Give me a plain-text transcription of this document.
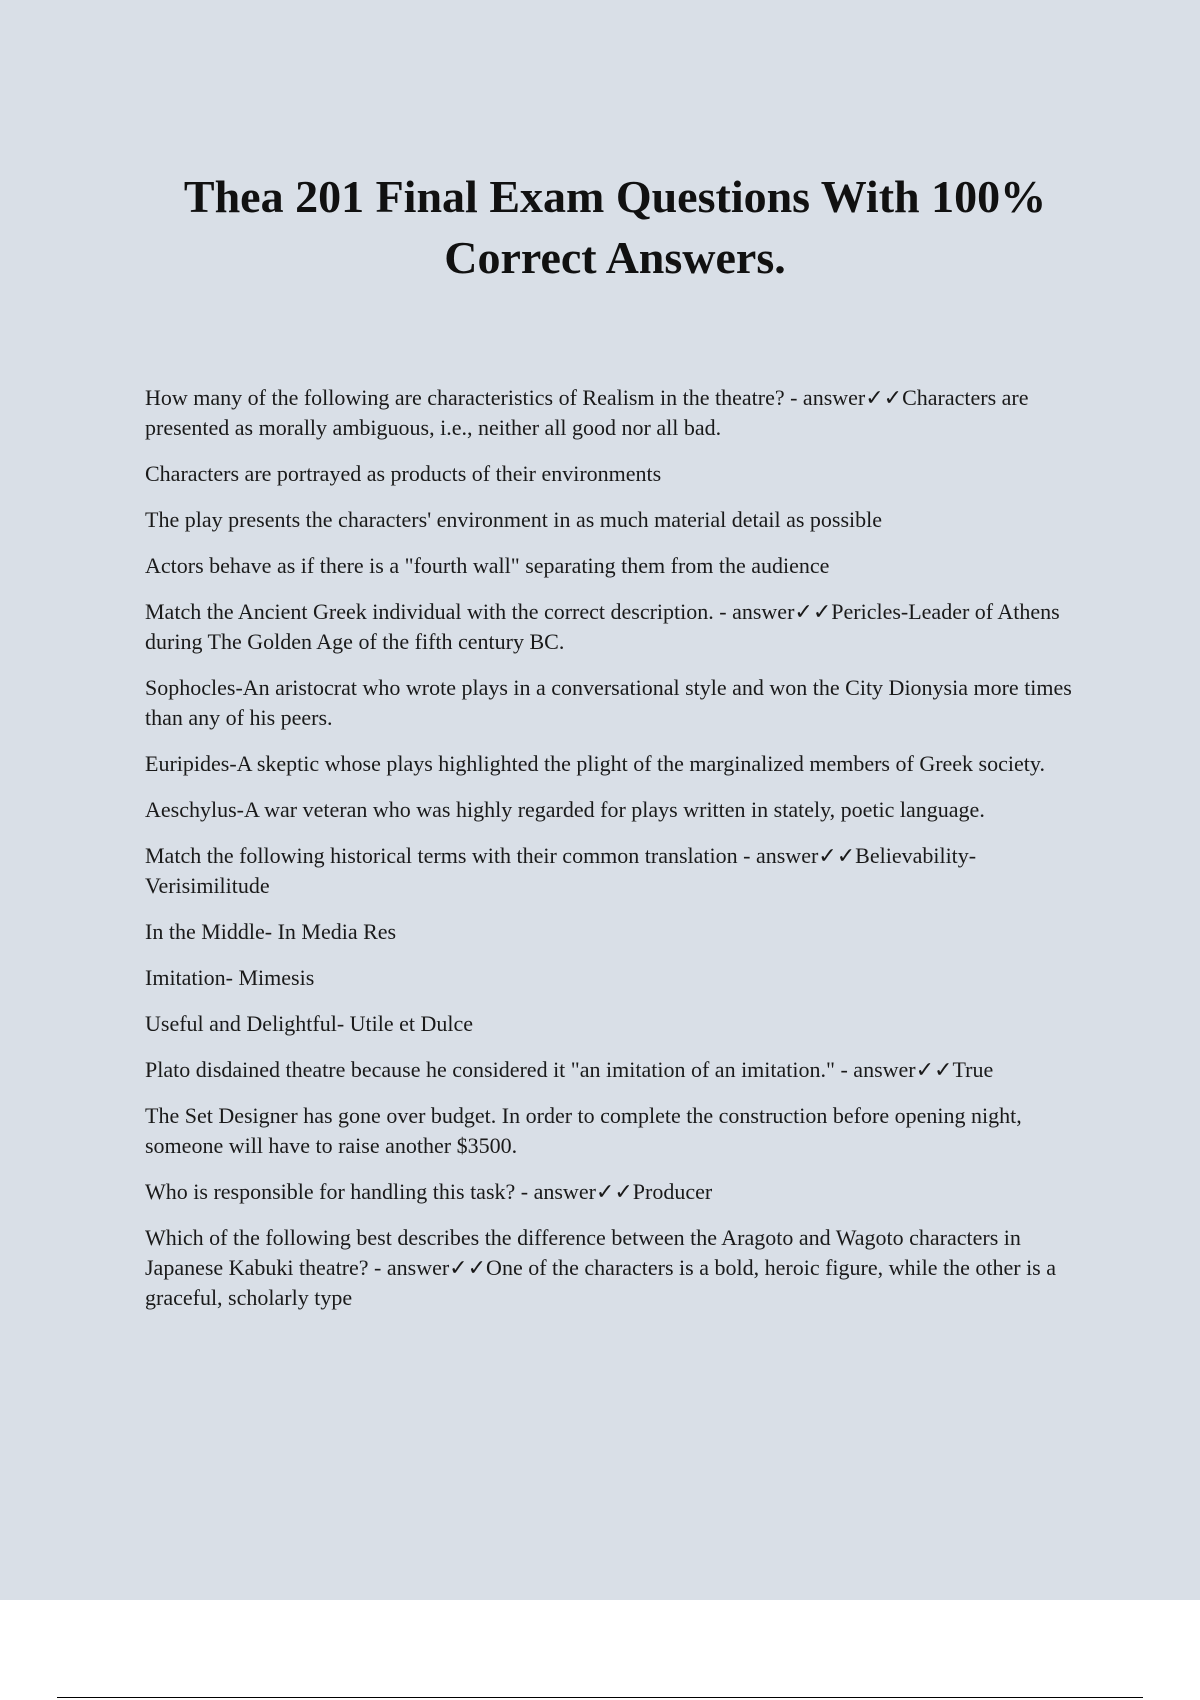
Thea 201 Final Exam Questions With 100% Correct Answers.

How many of the following are characteristics of Realism in the theatre? - answer✓✓Characters are presented as morally ambiguous, i.e., neither all good nor all bad.

Characters are portrayed as products of their environments

The play presents the characters' environment in as much material detail as possible

Actors behave as if there is a "fourth wall" separating them from the audience

Match the Ancient Greek individual with the correct description. - answer✓✓Pericles-Leader of Athens during The Golden Age of the fifth century BC.

Sophocles-An aristocrat who wrote plays in a conversational style and won the City Dionysia more times than any of his peers.

Euripides-A skeptic whose plays highlighted the plight of the marginalized members of Greek society.

Aeschylus-A war veteran who was highly regarded for plays written in stately, poetic language.

Match the following historical terms with their common translation - answer✓✓Believability-Verisimilitude

In the Middle- In Media Res

Imitation- Mimesis

Useful and Delightful- Utile et Dulce

Plato disdained theatre because he considered it "an imitation of an imitation." - answer✓✓True

The Set Designer has gone over budget. In order to complete the construction before opening night, someone will have to raise another $3500.

Who is responsible for handling this task? - answer✓✓Producer

Which of the following best describes the difference between the Aragoto and Wagoto characters in Japanese Kabuki theatre? - answer✓✓One of the characters is a bold, heroic figure, while the other is a graceful, scholarly type
